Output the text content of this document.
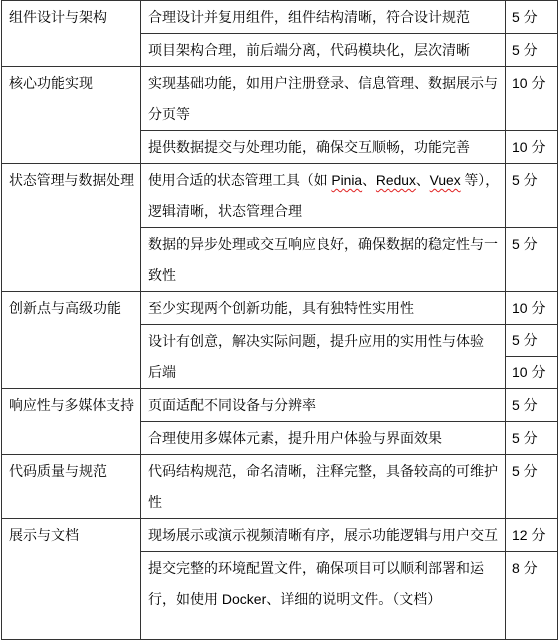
组件设计与架构	合理设计并复用组件，组件结构清晰，符合设计规范	5 分

	项目架构合理，前后端分离，代码模块化，层次清晰	5 分

核心功能实现	实现基础功能，如用户注册登录、信息管理、数据展示与
分页等	10 分

	提供数据提交与处理功能，确保交互顺畅，功能完善	10 分

状态管理与数据处理	使用合适的状态管理工具（如 Pinia、Redux、Vuex 等），
逻辑清晰，状态管理合理	5 分

	数据的异步处理或交互响应良好，确保数据的稳定性与一
致性	5 分

创新点与高级功能	至少实现两个创新功能，具有独特性实用性	10 分

	设计有创意，解决实际问题，提升应用的实用性与体验
后端	5 分

		10 分

响应性与多媒体支持	页面适配不同设备与分辨率	5 分

	合理使用多媒体元素，提升用户体验与界面效果	5 分

代码质量与规范	代码结构规范，命名清晰，注释完整，具备较高的可维护
性	5 分

展示与文档	现场展示或演示视频清晰有序，展示功能逻辑与用户交互	12 分

	提交完整的环境配置文件，确保项目可以顺利部署和运
行，如使用 Docker、详细的说明文件。（文档）	8 分
